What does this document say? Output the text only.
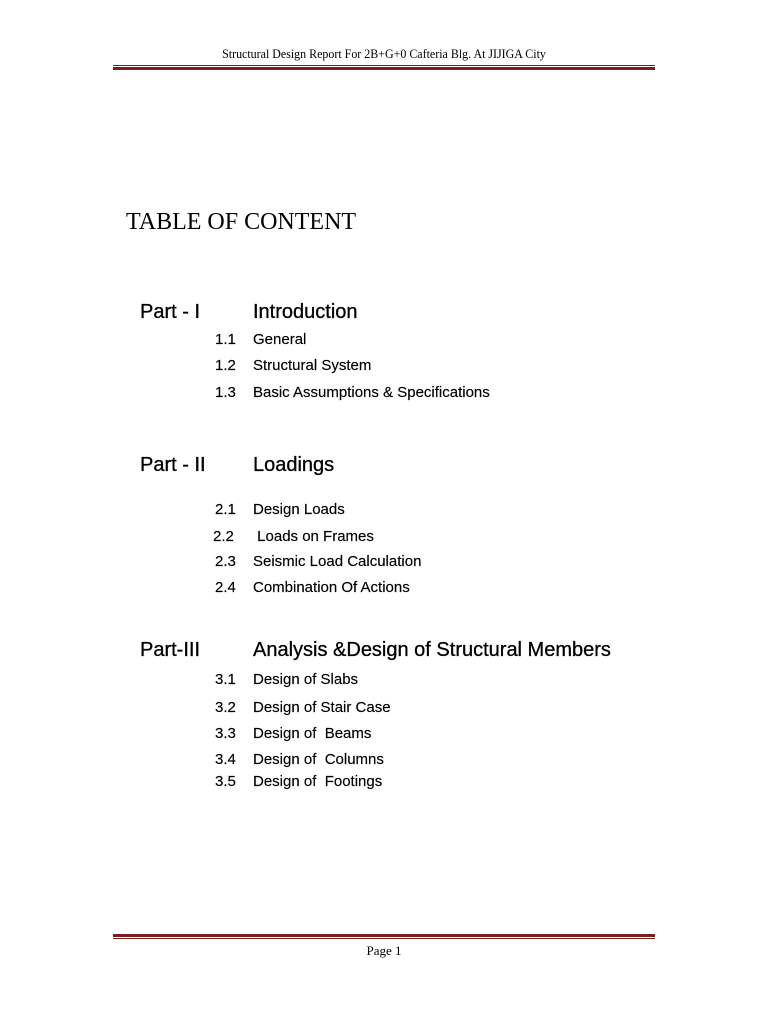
Structural Design Report For 2B+G+0 Cafteria Blg. At JIJIGA City
TABLE OF CONTENT
Part - I	Introduction
1.1 General
1.2 Structural System
1.3 Basic Assumptions & Specifications
Part - II Loadings
2.1 Design Loads
2.2 Loads on Frames
2.3 Seismic Load Calculation
2.4 Combination Of Actions
Part-III	Analysis &Design of Structural Members
3.1 Design of Slabs
3.2 Design of Stair Case
3.3 Design of  Beams
3.4 Design of  Columns
3.5 Design of  Footings
Page 1
